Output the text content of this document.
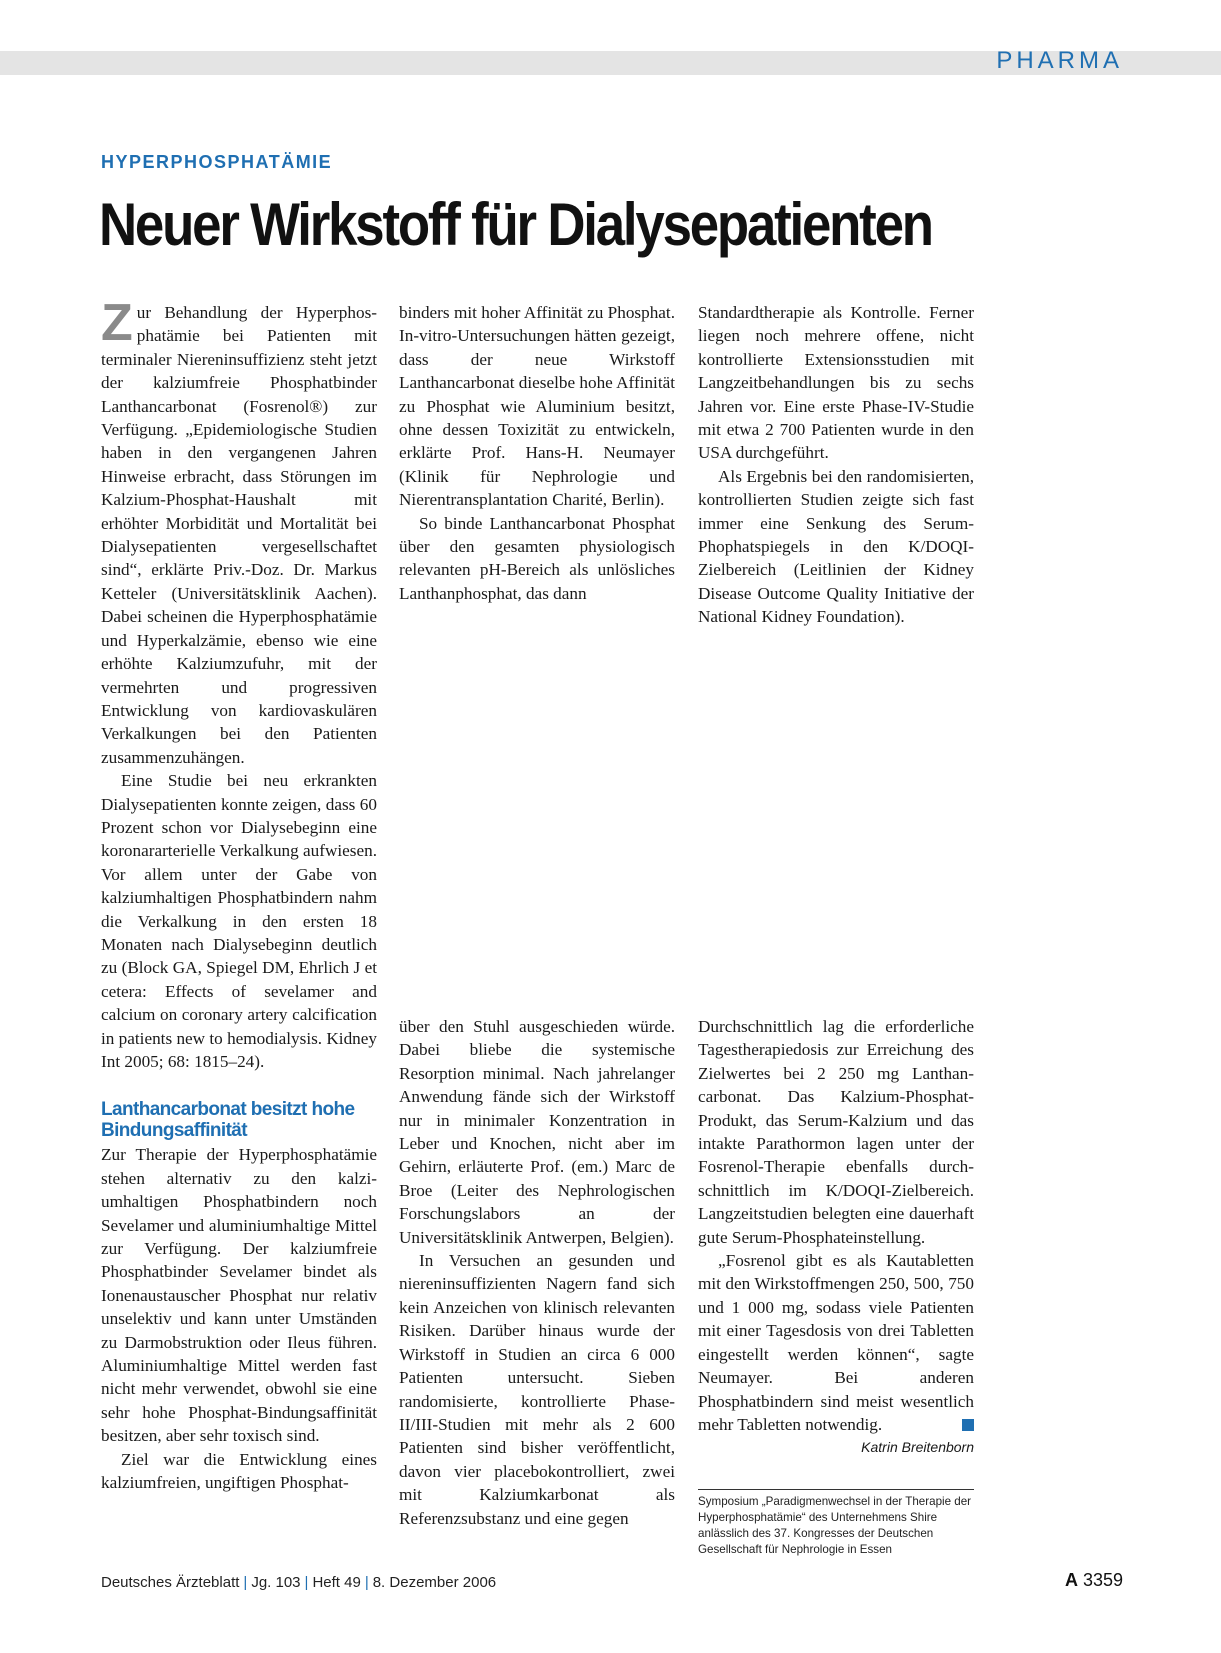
PHARMA
HYPERPHOSPHATÄMIE
Neuer Wirkstoff für Dialysepatienten

Zur Behandlung der Hyperphosphatämie bei Patienten mit terminaler Niereninsuffizienz steht jetzt der kalziumfreie Phosphatbinder Lanthancarbonat (Fosrenol®) zur Verfügung. „Epidemiologische Studien haben in den vergangenen Jahren Hinweise erbracht, dass Störungen im Kalzium-Phosphat-Haushalt mit erhöhter Morbidität und Mortalität bei Dialysepatienten vergesellschaftet sind“, erklärte Priv.-Doz. Dr. Markus Ketteler (Universitätsklinik Aachen). Dabei scheinen die Hyperphosphatämie und Hyperkalzämie, ebenso wie eine erhöhte Kalziumzufuhr, mit der vermehrten und progressiven Entwicklung von kardiovaskulären Verkalkungen bei den Patienten zusammenzuhängen.

Eine Studie bei neu erkrankten Dialysepatienten konnte zeigen, dass 60 Prozent schon vor Dialysebeginn eine koronararterielle Verkalkung aufwiesen. Vor allem unter der Gabe von kalziumhaltigen Phosphatbindern nahm die Verkalkung in den ersten 18 Monaten nach Dialysebeginn deutlich zu (Block GA, Spiegel DM, Ehrlich J et cetera: Effects of sevelamer and calcium on coronary artery calcification in patients new to hemodialysis. Kidney Int 2005; 68: 1815–24).

Lanthancarbonat besitzt hohe Bindungsaffinität

Zur Therapie der Hyperphosphatämie stehen alternativ zu den kalziumhaltigen Phosphatbindern noch Sevelamer und aluminiumhaltige Mittel zur Verfügung. Der kalziumfreie Phosphatbinder Sevelamer bindet als Ionenaustauscher Phosphat nur relativ unselektiv und kann unter Umständen zu Darmobstruktion oder Ileus führen. Aluminiumhaltige Mittel werden fast nicht mehr verwendet, obwohl sie eine sehr hohe Phosphat-Bindungsaffinität besitzen, aber sehr toxisch sind.

Ziel war die Entwicklung eines kalziumfreien, ungiftigen Phosphat-

binders mit hoher Affinität zu Phosphat. In-vitro-Untersuchungen hätten gezeigt, dass der neue Wirkstoff Lanthancarbonat dieselbe hohe Affinität zu Phosphat wie Aluminium besitzt, ohne dessen Toxizität zu entwickeln, erklärte Prof. Hans-H. Neumayer (Klinik für Nephrologie und Nierentransplantation Charité, Berlin).

So binde Lanthancarbonat Phosphat über den gesamten physiologisch relevanten pH-Bereich als unlösliches Lanthanphosphat, das dann

Standardtherapie als Kontrolle. Ferner liegen noch mehrere offene, nicht kontrollierte Extensionsstudien mit Langzeitbehandlungen bis zu sechs Jahren vor. Eine erste Phase-IV-Studie mit etwa 2 700 Patienten wurde in den USA durchgeführt.

Als Ergebnis bei den randomisierten, kontrollierten Studien zeigte sich fast immer eine Senkung des Serum-Phophatspiegels in den K/DOQI-Zielbereich (Leitlinien der Kidney Disease Outcome Quality Initiative der National Kidney Foundation).

über den Stuhl ausgeschieden würde. Dabei bliebe die systemische Resorption minimal. Nach jahrelanger Anwendung fände sich der Wirkstoff nur in minimaler Konzentration in Leber und Knochen, nicht aber im Gehirn, erläuterte Prof. (em.) Marc de Broe (Leiter des Nephrologischen Forschungslabors an der Universitätsklinik Antwerpen, Belgien).

In Versuchen an gesunden und niereninsuffizienten Nagern fand sich kein Anzeichen von klinisch relevanten Risiken. Darüber hinaus wurde der Wirkstoff in Studien an circa 6 000 Patienten untersucht. Sieben randomisierte, kontrollierte Phase-II/III-Studien mit mehr als 2 600 Patienten sind bisher veröffentlicht, davon vier placebokontrolliert, zwei mit Kalziumkarbonat als Referenzsubstanz und eine gegen

Durchschnittlich lag die erforderliche Tagestherapiedosis zur Erreichung des Zielwertes bei 2 250 mg Lanthancarbonat. Das Kalzium-Phosphat-Produkt, das Serum-Kalzium und das intakte Parathormon lagen unter der Fosrenol-Therapie ebenfalls durchschnittlich im K/DOQI-Zielbereich. Langzeitstudien belegten eine dauerhaft gute Serum-Phosphateinstellung.

„Fosrenol gibt es als Kautabletten mit den Wirkstoffmengen 250, 500, 750 und 1 000 mg, sodass viele Patienten mit einer Tagesdosis von drei Tabletten eingestellt werden können“, sagte Neumayer. Bei anderen Phosphatbindern sind meist wesentlich mehr Tabletten notwendig.

Katrin Breitenborn
Symposium „Paradigmenwechsel in der Therapie der Hyperphosphatämie“ des Unternehmens Shire anlässlich des 37. Kongresses der Deutschen Gesellschaft für Nephrologie in Essen
Deutsches Ärzteblatt | Jg. 103 | Heft 49 | 8. Dezember 2006	A 3359
